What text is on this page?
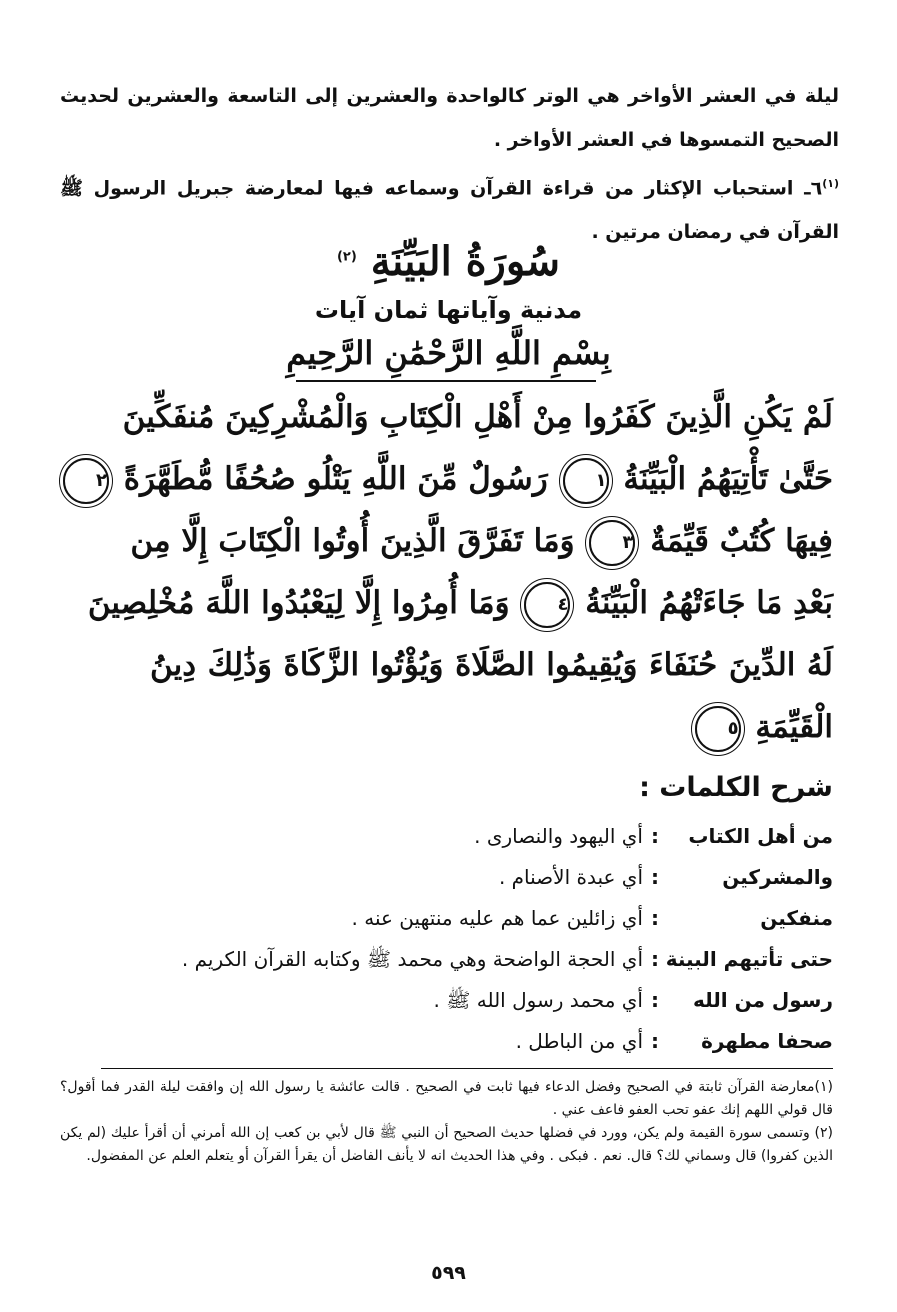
ليلة في العشر الأواخر هي الوتر كالواحدة والعشرين إلى التاسعة والعشرين لحديث الصحيح التمسوها في العشر الأواخر .

$^{(١)}$٦ـ استحباب الإكثار من قراءة القرآن وسماعه فيها لمعارضة جبريل الرسول ﷺ القرآن في رمضان مرتين .

سُورَةُ البَيِّنَةِ $^{(٢)}$
مدنية وآياتها ثمان آيات
بِسْمِ اللَّهِ الرَّحْمَٰنِ الرَّحِيمِ
لَمْ يَكُنِ الَّذِينَ كَفَرُوا مِنْ أَهْلِ الْكِتَابِ وَالْمُشْرِكِينَ مُنفَكِّينَ
حَتَّىٰ تَأْتِيَهُمُ الْبَيِّنَةُ ١ رَسُولٌ مِّنَ اللَّهِ يَتْلُو صُحُفًا مُّطَهَّرَةً ٢
فِيهَا كُتُبٌ قَيِّمَةٌ ٣ وَمَا تَفَرَّقَ الَّذِينَ أُوتُوا الْكِتَابَ إِلَّا مِن
بَعْدِ مَا جَاءَتْهُمُ الْبَيِّنَةُ ٤ وَمَا أُمِرُوا إِلَّا لِيَعْبُدُوا اللَّهَ مُخْلِصِينَ
لَهُ الدِّينَ حُنَفَاءَ وَيُقِيمُوا الصَّلَاةَ وَيُؤْتُوا الزَّكَاةَ وَذَٰلِكَ دِينُ
الْقَيِّمَةِ ٥
شرح الكلمات :
من أهل الكتاب:أي اليهود والنصارى .
والمشركين:أي عبدة الأصنام .
منفكين:أي زائلين عما هم عليه منتهين عنه .
حتى تأتيهم البينة:أي الحجة الواضحة وهي محمد ﷺ وكتابه القرآن الكريم .
رسول من الله:أي محمد رسول الله ﷺ .
صحفا مطهرة:أي من الباطل .

(١)معارضة القرآن ثابتة في الصحيح وفضل الدعاء فيها ثابت في الصحيح . قالت عائشة يا رسول الله إن وافقت ليلة القدر فما أقول؟ قال قولي اللهم إنك عفو تحب العفو فاعف عني .

(٢) وتسمى سورة القيمة ولم يكن، وورد في فضلها حديث الصحيح أن النبي ﷺ قال لأبي بن كعب إن الله أمرني أن أقرأ عليك (لم يكن الذين كفروا) قال وسماني لك؟ قال. نعم . فبكى . وفي هذا الحديث انه لا يأنف الفاضل أن يقرأ القرآن أو يتعلم العلم عن المفضول.

٥٩٩
